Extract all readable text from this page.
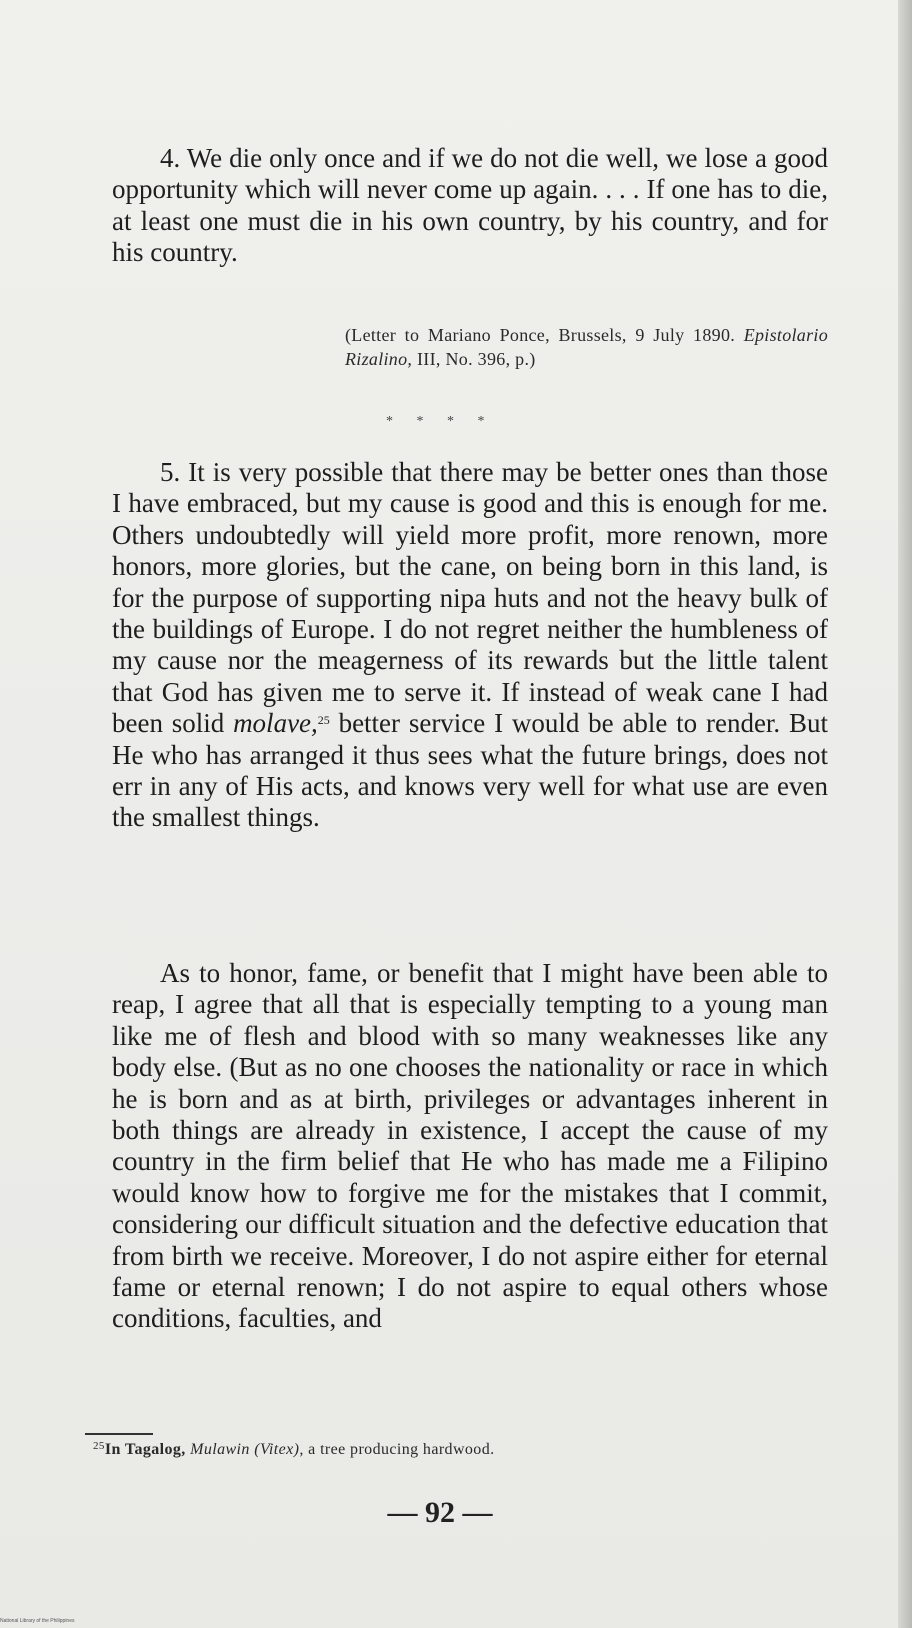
4. We die only once and if we do not die well, we lose a good opportunity which will never come up again. . . . If one has to die, at least one must die in his own country, by his country, and for his country.

(Letter to Mariano Ponce, Brussels, 9 July 1890. Epistolario Rizalino, III, No. 396, p.)

* * * *

5. It is very possible that there may be better ones than those I have embraced, but my cause is good and this is enough for me. Others undoubtedly will yield more profit, more renown, more honors, more glories, but the cane, on being born in this land, is for the purpose of supporting nipa huts and not the heavy bulk of the buildings of Europe. I do not regret neither the humbleness of my cause nor the meagerness of its rewards but the little talent that God has given me to serve it. If instead of weak cane I had been solid molave,$^{25}$ better service I would be able to render. But He who has arranged it thus sees what the future brings, does not err in any of His acts, and knows very well for what use are even the smallest things.

As to honor, fame, or benefit that I might have been able to reap, I agree that all that is especially tempting to a young man like me of flesh and blood with so many weaknesses like any body else. (But as no one chooses the nationality or race in which he is born and as at birth, privileges or advantages inherent in both things are already in existence, I accept the cause of my country in the firm belief that He who has made me a Filipino would know how to forgive me for the mistakes that I commit, considering our difficult situation and the defective education that from birth we receive. Moreover, I do not aspire either for eternal fame or eternal renown; I do not aspire to equal others whose conditions, faculties, and

$^{25}$In Tagalog, Mulawin (Vitex), a tree producing hardwood.

— 92 —

National Library of the Philippines
